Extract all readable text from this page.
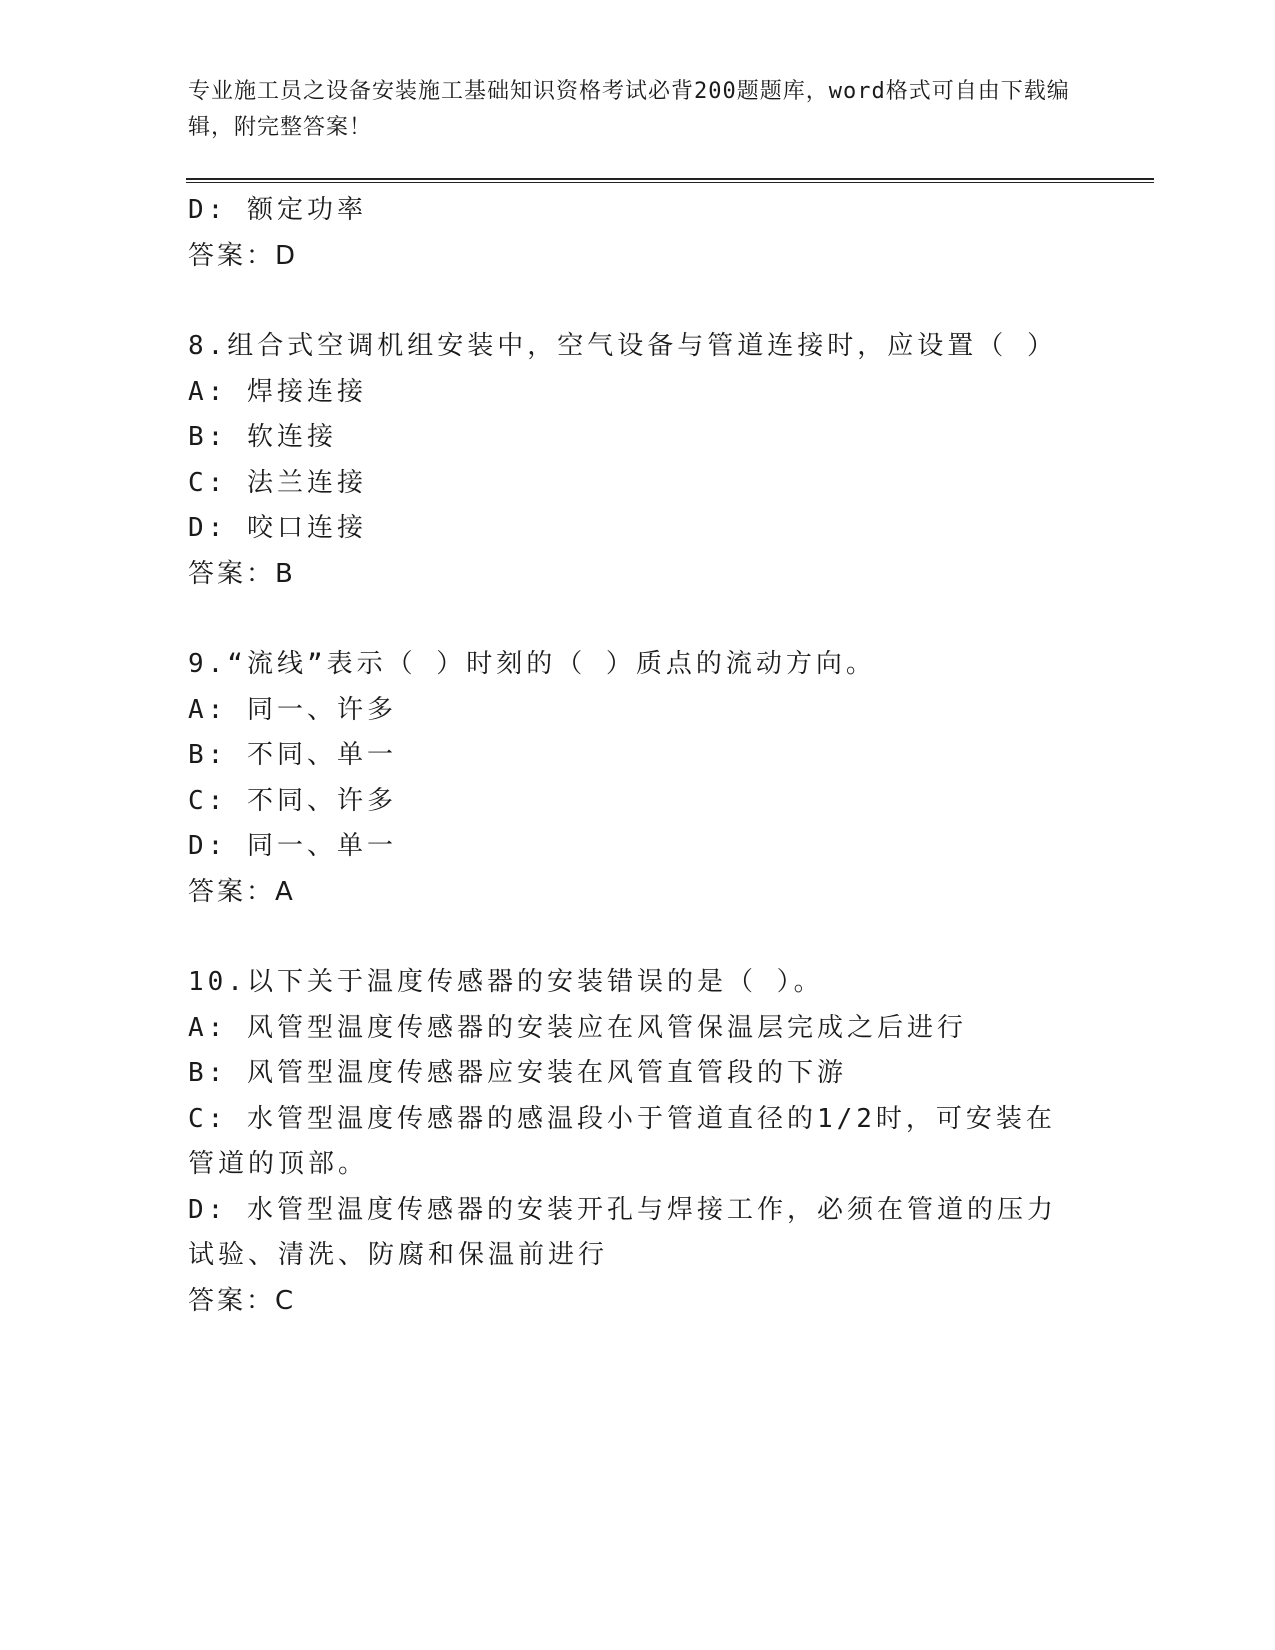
专业施工员之设备安装施工基础知识资格考试必背200题题库，word格式可自由下载编辑，附完整答案！
D: 额定功率
答案：D
8.组合式空调机组安装中，空气设备与管道连接时，应设置（ ）
A: 焊接连接
B: 软连接
C: 法兰连接
D: 咬口连接
答案：B
9.“流线”表示（ ）时刻的（ ）质点的流动方向。
A: 同一、许多
B: 不同、单一
C: 不同、许多
D: 同一、单一
答案：A
10.以下关于温度传感器的安装错误的是（ ）。
A: 风管型温度传感器的安装应在风管保温层完成之后进行
B: 风管型温度传感器应安装在风管直管段的下游
C: 水管型温度传感器的感温段小于管道直径的1/2时，可安装在管道的顶部。
D: 水管型温度传感器的安装开孔与焊接工作，必须在管道的压力试验、清洗、防腐和保温前进行
答案：C
